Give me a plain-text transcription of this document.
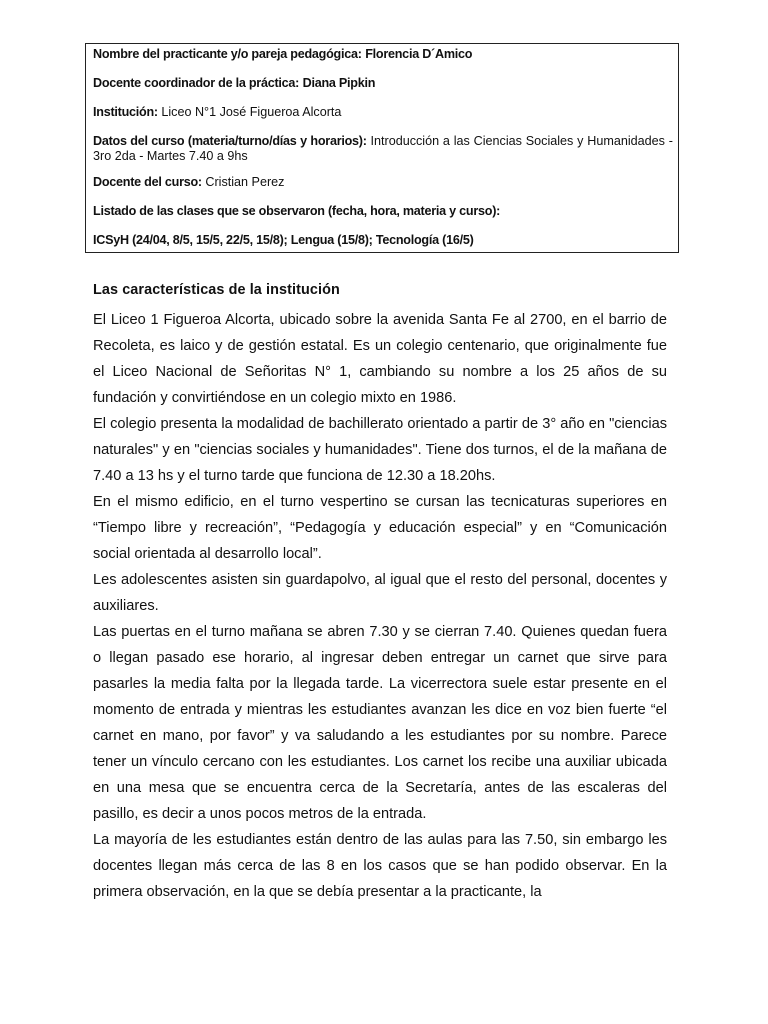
Nombre del practicante y/o pareja pedagógica: Florencia D´Amico
Docente coordinador de la práctica: Diana Pipkin
Institución: Liceo N°1 José Figueroa Alcorta
Datos del curso (materia/turno/días y horarios): Introducción a las Ciencias Sociales y Humanidades - 3ro 2da - Martes 7.40 a 9hs
Docente del curso: Cristian Perez
Listado de las clases que se observaron (fecha, hora, materia y curso):
ICSyH (24/04, 8/5, 15/5, 22/5, 15/8); Lengua (15/8); Tecnología (16/5)
Las características de la institución

El Liceo 1 Figueroa Alcorta, ubicado sobre la avenida Santa Fe al 2700, en el barrio de Recoleta, es laico y de gestión estatal. Es un colegio centenario, que originalmente fue el Liceo Nacional de Señoritas N° 1, cambiando su nombre a los 25 años de su fundación y convirtiéndose en un colegio mixto en 1986.

El colegio presenta la modalidad de bachillerato orientado a partir de 3° año en "ciencias naturales" y en "ciencias sociales y humanidades". Tiene dos turnos, el de la mañana de 7.40 a 13 hs y el turno tarde que funciona de 12.30 a 18.20hs.

En el mismo edificio, en el turno vespertino se cursan las tecnicaturas superiores en “Tiempo libre y recreación”, “Pedagogía y educación especial” y en “Comunicación social orientada al desarrollo local”.

Les adolescentes asisten sin guardapolvo, al igual que el resto del personal, docentes y auxiliares.

Las puertas en el turno mañana se abren 7.30 y se cierran 7.40. Quienes quedan fuera o llegan pasado ese horario, al ingresar deben entregar un carnet que sirve para pasarles la media falta por la llegada tarde. La vicerrectora suele estar presente en el momento de entrada y mientras les estudiantes avanzan les dice en voz bien fuerte “el carnet en mano, por favor” y va saludando a les estudiantes por su nombre. Parece tener un vínculo cercano con les estudiantes. Los carnet los recibe una auxiliar ubicada en una mesa que se encuentra cerca de la Secretaría, antes de las escaleras del pasillo, es decir a unos pocos metros de la entrada.

La mayoría de les estudiantes están dentro de las aulas para las 7.50, sin embargo les docentes llegan más cerca de las 8 en los casos que se han podido observar. En la primera observación, en la que se debía presentar a la practicante, la
